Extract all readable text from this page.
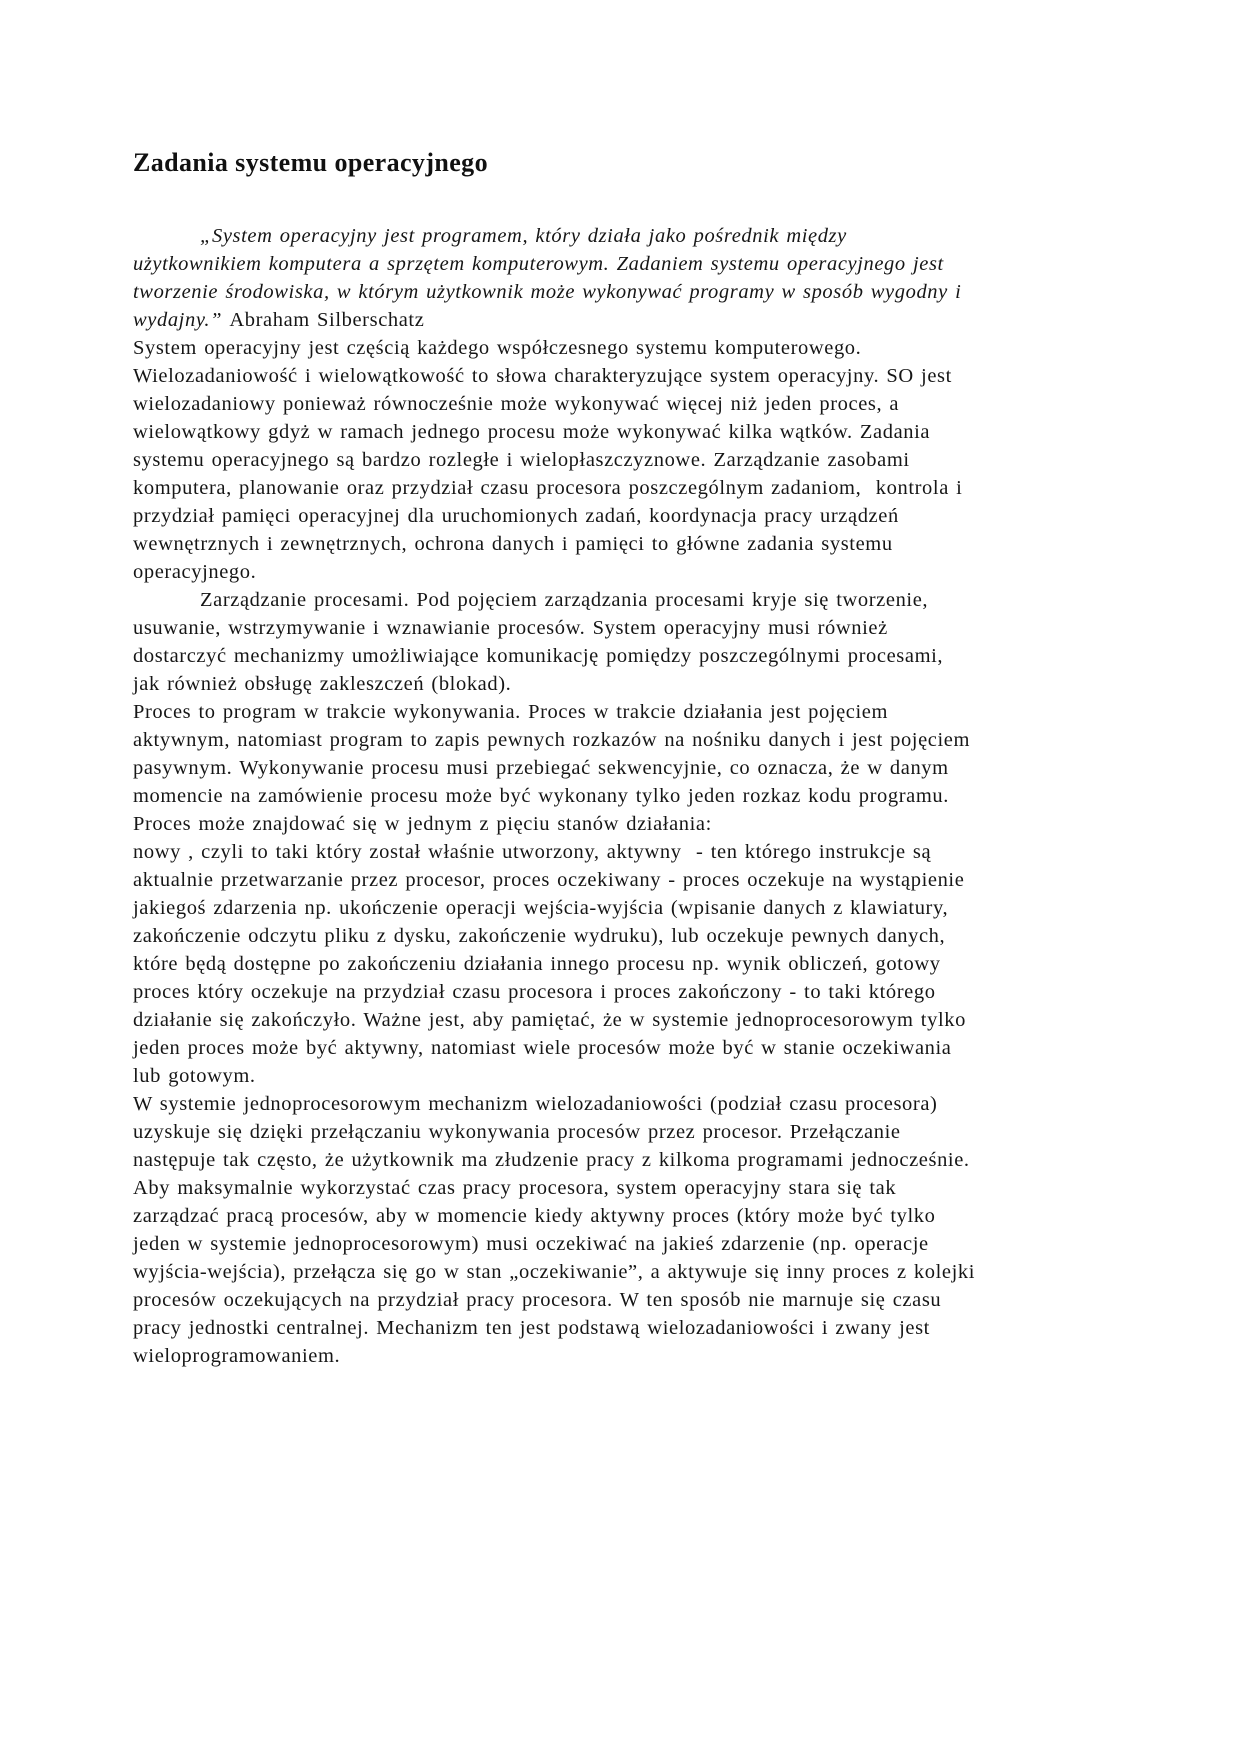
Zadania systemu operacyjnego
„System operacyjny jest programem, który działa jako pośrednik między
użytkownikiem komputera a sprzętem komputerowym. Zadaniem systemu operacyjnego jest
tworzenie środowiska, w którym użytkownik może wykonywać programy w sposób wygodny i
wydajny.” Abraham Silberschatz
System operacyjny jest częścią każdego współczesnego systemu komputerowego.
Wielozadaniowość i wielowątkowość to słowa charakteryzujące system operacyjny. SO jest
wielozadaniowy ponieważ równocześnie może wykonywać więcej niż jeden proces, a
wielowątkowy gdyż w ramach jednego procesu może wykonywać kilka wątków. Zadania
systemu operacyjnego są bardzo rozległe i wielopłaszczyznowe. Zarządzanie zasobami
komputera, planowanie oraz przydział czasu procesora poszczególnym zadaniom,  kontrola i
przydział pamięci operacyjnej dla uruchomionych zadań, koordynacja pracy urządzeń
wewnętrznych i zewnętrznych, ochrona danych i pamięci to główne zadania systemu
operacyjnego.
Zarządzanie procesami. Pod pojęciem zarządzania procesami kryje się tworzenie,
usuwanie, wstrzymywanie i wznawianie procesów. System operacyjny musi również
dostarczyć mechanizmy umożliwiające komunikację pomiędzy poszczególnymi procesami,
jak również obsługę zakleszczeń (blokad).
Proces to program w trakcie wykonywania. Proces w trakcie działania jest pojęciem
aktywnym, natomiast program to zapis pewnych rozkazów na nośniku danych i jest pojęciem
pasywnym. Wykonywanie procesu musi przebiegać sekwencyjnie, co oznacza, że w danym
momencie na zamówienie procesu może być wykonany tylko jeden rozkaz kodu programu.
Proces może znajdować się w jednym z pięciu stanów działania:
nowy , czyli to taki który został właśnie utworzony, aktywny  - ten którego instrukcje są
aktualnie przetwarzanie przez procesor, proces oczekiwany - proces oczekuje na wystąpienie
jakiegoś zdarzenia np. ukończenie operacji wejścia-wyjścia (wpisanie danych z klawiatury,
zakończenie odczytu pliku z dysku, zakończenie wydruku), lub oczekuje pewnych danych,
które będą dostępne po zakończeniu działania innego procesu np. wynik obliczeń, gotowy
proces który oczekuje na przydział czasu procesora i proces zakończony - to taki którego
działanie się zakończyło. Ważne jest, aby pamiętać, że w systemie jednoprocesorowym tylko
jeden proces może być aktywny, natomiast wiele procesów może być w stanie oczekiwania
lub gotowym.
W systemie jednoprocesorowym mechanizm wielozadaniowości (podział czasu procesora)
uzyskuje się dzięki przełączaniu wykonywania procesów przez procesor. Przełączanie
następuje tak często, że użytkownik ma złudzenie pracy z kilkoma programami jednocześnie.
Aby maksymalnie wykorzystać czas pracy procesora, system operacyjny stara się tak
zarządzać pracą procesów, aby w momencie kiedy aktywny proces (który może być tylko
jeden w systemie jednoprocesorowym) musi oczekiwać na jakieś zdarzenie (np. operacje
wyjścia-wejścia), przełącza się go w stan „oczekiwanie”, a aktywuje się inny proces z kolejki
procesów oczekujących na przydział pracy procesora. W ten sposób nie marnuje się czasu
pracy jednostki centralnej. Mechanizm ten jest podstawą wielozadaniowości i zwany jest
wieloprogramowaniem.
